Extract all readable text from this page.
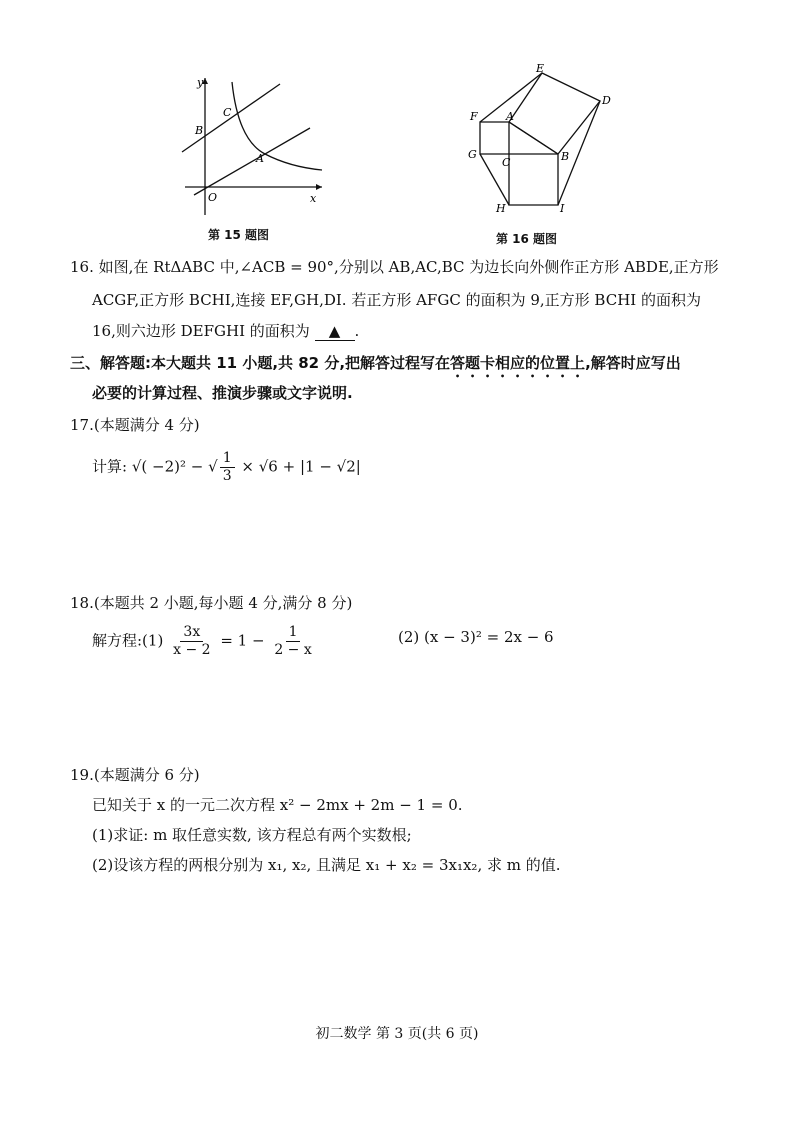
y
x
O
B
C
A
第 15 题图
E
D
F	A
G
C	B
H	I
第 16 题图
16. 如图,在 RtΔABC 中,∠ACB = 90°,分别以 AB,AC,BC 为边长向外侧作正方形 ABDE,正方形
ACGF,正方形 BCHI,连接 EF,GH,DI. 若正方形 AFGC 的面积为 9,正方形 BCHI 的面积为
16,则六边形 DEFGHI 的面积为 ▲ .
三、解答题:本大题共 11 小题,共 82 分,把解答过程写在答题卡相应的位置上,解答时应写出
必要的计算过程、推演步骤或文字说明.
17.(本题满分 4 分)
计算: √( −2)² − √ $\frac{1}{3} \times √6 + |1 - √2|$
18.(本题共 2 小题,每小题 4 分,满分 8 分)
解方程:(1) $\frac{3x}{x - 2} = 1 - \frac{1}{2 - x}$	(2) (x − 3)² = 2x − 6
19.(本题满分 6 分)
已知关于 x 的一元二次方程 x² − 2mx + 2m − 1 = 0.
(1)求证: m 取任意实数, 该方程总有两个实数根;
(2)设该方程的两根分别为 x₁, x₂, 且满足 x₁ + x₂ = 3x₁x₂, 求 m 的值.
初二数学 第 3 页(共 6 页)
